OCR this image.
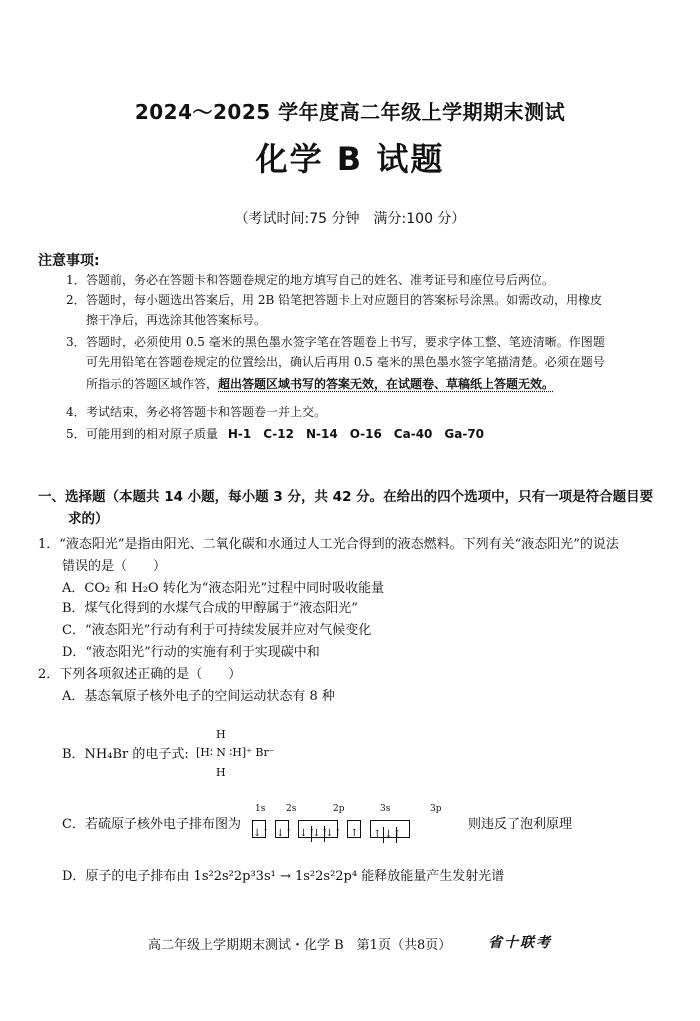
2024～2025 学年度高二年级上学期期末测试
化学 B 试题
（考试时间:75 分钟　满分:100 分）
注意事项:
1．答题前，务必在答题卡和答题卷规定的地方填写自己的姓名、准考证号和座位号后两位。
2．答题时，每小题选出答案后，用 2B 铅笔把答题卡上对应题目的答案标号涂黑。如需改动，用橡皮
擦干净后，再选涂其他答案标号。
3．答题时，必须使用 0.5 毫米的黑色墨水签字笔在答题卷上书写，要求字体工整、笔迹清晰。作图题
可先用铅笔在答题卷规定的位置绘出，确认后再用 0.5 毫米的黑色墨水签字笔描清楚。必须在题号
所指示的答题区域作答，超出答题区域书写的答案无效，在试题卷、草稿纸上答题无效。
4．考试结束，务必将答题卡和答题卷一并上交。
5．可能用到的相对原子质量 H-1　C-12　N-14　O-16　Ca-40　Ga-70
一、选择题（本题共 14 小题，每小题 3 分，共 42 分。在给出的四个选项中，只有一项是符合题目要
求的）
1．“液态阳光”是指由阳光、二氧化碳和水通过人工光合得到的液态燃料。下列有关“液态阳光”的说法
错误的是（　　）
A．CO₂ 和 H₂O 转化为“液态阳光”过程中同时吸收能量
B．煤气化得到的水煤气合成的甲醇属于“液态阳光”
C．“液态阳光”行动有利于可持续发展并应对气候变化
D．“液态阳光”行动的实施有利于实现碳中和
2．下列各项叙述正确的是（　　）
A．基态氧原子核外电子的空间运动状态有 8 种
B．NH₄Br 的电子式:
H
[H∶ N ∶H]⁺ Br⁻
H
C．若硫原子核外电子排布图为
1s 2s	2p	3s	3p
↓↑ ↓↑ ↓↑↓↑↓↑ ↑ ↑ ↓↑
则违反了泡利原理
D．原子的电子排布由 1s²2s²2p³3s¹ → 1s²2s²2p⁴ 能释放能量产生发射光谱
高二年级上学期期末测试・化学 B　第1页（共8页）	省十联考
